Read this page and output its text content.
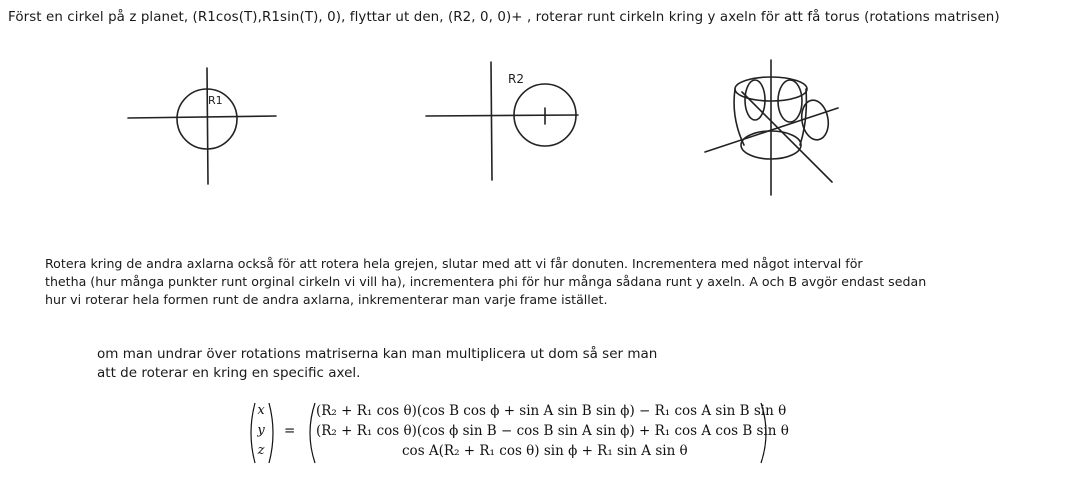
Först en cirkel på z planet, (R1cos(T),R1sin(T), 0), flyttar ut den, (R2, 0, 0)+ , roterar runt cirkeln kring y axeln för att få torus (rotations matrisen)
R1
R2

Rotera kring de andra axlarna också för att rotera hela grejen, slutar med att vi får donuten. Incrementera med något interval för

thetha (hur många punkter runt orginal cirkeln vi vill ha), incrementera phi för hur många sådana runt y axeln. A och B avgör endast sedan

hur vi roterar hela formen runt de andra axlarna, inkrementerar man varje frame istället.

om man undrar över rotations matriserna kan man multiplicera ut dom så ser man

att de roterar en kring en specific axel.

x
y
z
=
(R₂ + R₁ cos θ)(cos B cos ϕ + sin A sin B sin ϕ) − R₁ cos A sin B sin θ
(R₂ + R₁ cos θ)(cos ϕ sin B − cos B sin A sin ϕ) + R₁ cos A cos B sin θ
cos A(R₂ + R₁ cos θ) sin ϕ + R₁ sin A sin θ
